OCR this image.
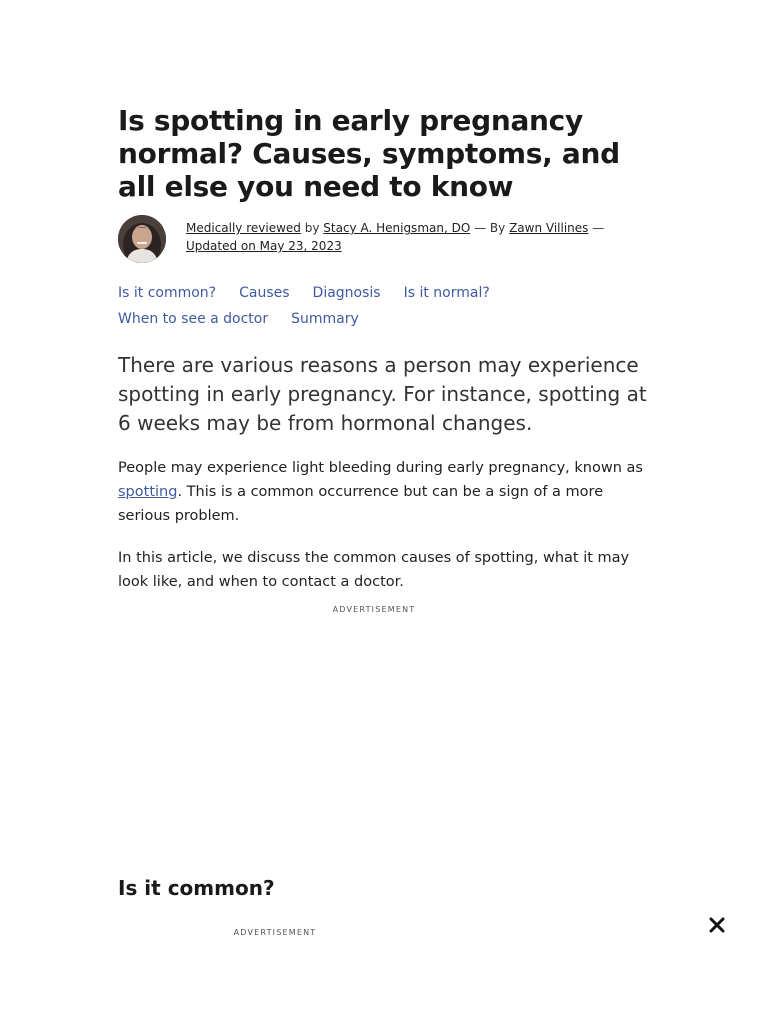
Is spotting in early pregnancy normal? Causes, symptoms, and all else you need to know
Medically reviewed by Stacy A. Henigsman, DO — By Zawn Villines —
Updated on May 23, 2023
Is it common? Causes Diagnosis Is it normal?
When to see a doctor Summary

There are various reasons a person may experience spotting in early pregnancy. For instance, spotting at 6 weeks may be from hormonal changes.

People may experience light bleeding during early pregnancy, known as spotting. This is a common occurrence but can be a sign of a more serious problem.

In this article, we discuss the common causes of spotting, what it may look like, and when to contact a doctor.

ADVERTISEMENT
Is it common?
ADVERTISEMENT
